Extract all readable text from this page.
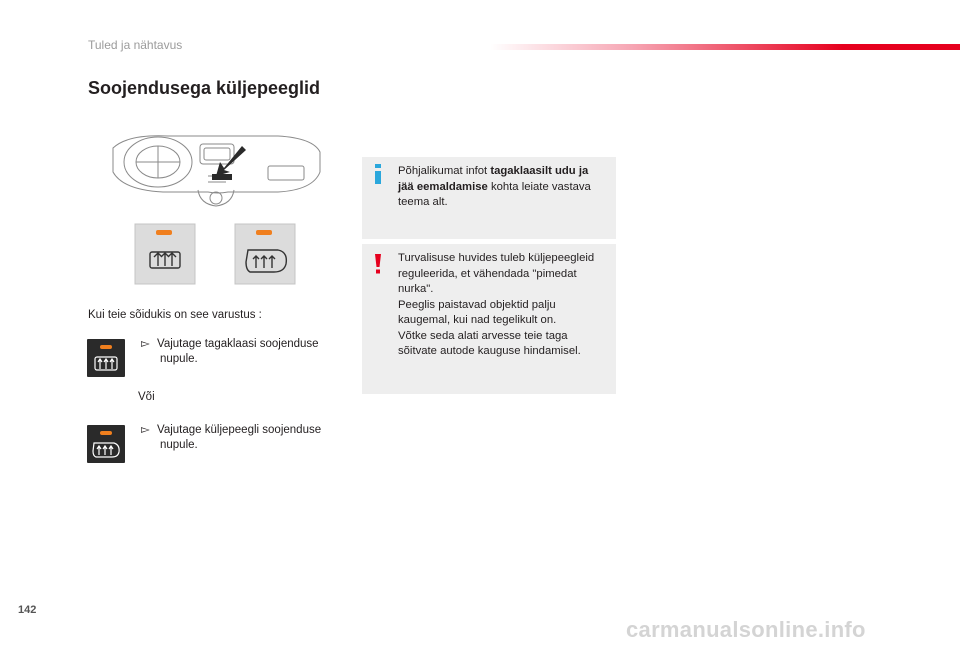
Tuled ja nähtavus
Soojendusega küljepeeglid
Kui teie sõidukis on see varustus :
▻ Vajutage tagaklaasi soojenduse
nupule.
Või
▻ Vajutage küljepeegli soojenduse
nupule.
Põhjalikumat infot tagaklaasilt udu ja
jää eemaldamise kohta leiate vastava
teema alt.
Turvalisuse huvides tuleb küljepeegleid
reguleerida, et vähendada "pimedat
nurka".
Peeglis paistavad objektid palju
kaugemal, kui nad tegelikult on.
Võtke seda alati arvesse teie taga
sõitvate autode kauguse hindamisel.
142
carmanualsonline.info
